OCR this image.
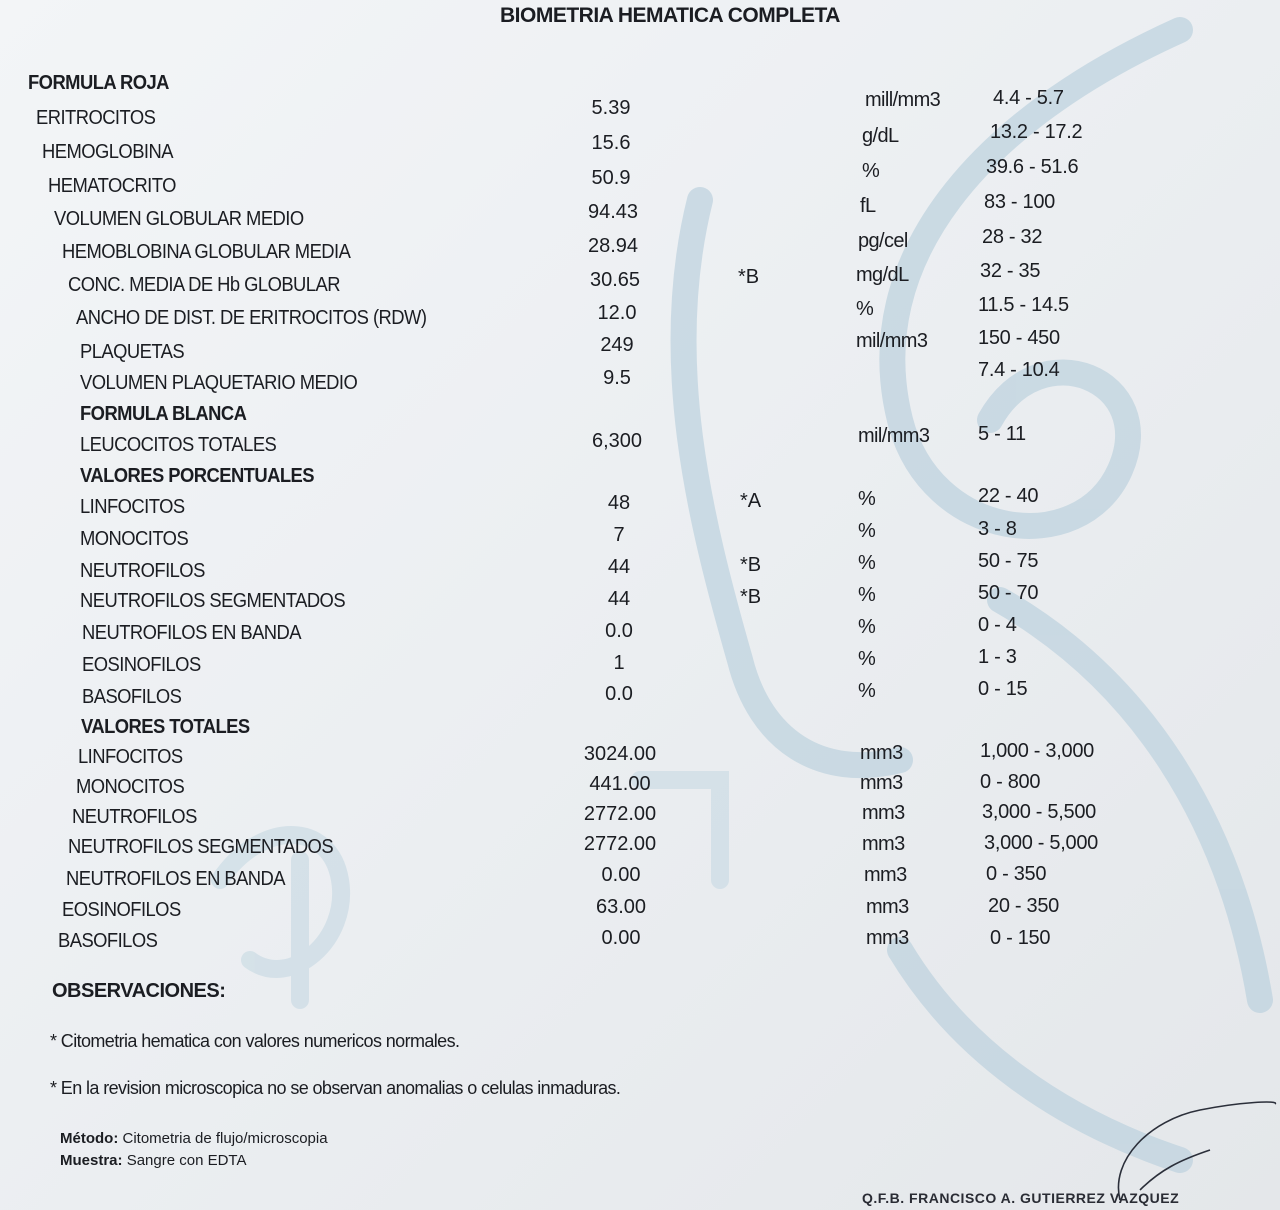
BIOMETRIA HEMATICA COMPLETA
FORMULA ROJA
FORMULA BLANCA
VALORES PORCENTUALES
VALORES TOTALES
ERITROCITOS	5.39	mill/mm3	4.4 - 5.7
HEMOGLOBINA	15.6	g/dL	13.2 - 17.2
HEMATOCRITO	50.9	%	39.6 - 51.6
VOLUMEN GLOBULAR MEDIO	94.43	fL	83 - 100
HEMOBLOBINA GLOBULAR MEDIA	28.94	pg/cel	28 - 32
CONC. MEDIA DE Hb GLOBULAR	30.65	*B	mg/dL	32 - 35
ANCHO DE DIST. DE ERITROCITOS (RDW)	12.0	%	11.5 - 14.5
PLAQUETAS	249	mil/mm3	150 - 450
VOLUMEN PLAQUETARIO MEDIO	9.5	7.4 - 10.4
LEUCOCITOS TOTALES	6,300	mil/mm3 5 - 11
LINFOCITOS	48	*A	%	22 - 40
MONOCITOS	7	%	3 - 8
NEUTROFILOS	44	*B	%	50 - 75
NEUTROFILOS SEGMENTADOS	44	*B	%	50 - 70
NEUTROFILOS EN BANDA	0.0	%	0 - 4
EOSINOFILOS	1	%	1 - 3
BASOFILOS	0.0	%	0 - 15
LINFOCITOS	3024.00	mm3	1,000 - 3,000
MONOCITOS	441.00	mm3	0 - 800
NEUTROFILOS	2772.00	mm3	3,000 - 5,500
NEUTROFILOS SEGMENTADOS	2772.00	mm3	3,000 - 5,000
NEUTROFILOS EN BANDA	0.00	mm3	0 - 350
EOSINOFILOS	63.00	mm3	20 - 350
BASOFILOS	0.00	mm3	0 - 150
OBSERVACIONES:
* Citometria hematica con valores numericos normales.
* En la revision microscopica no se observan anomalias o celulas inmaduras.
Método: Citometria de flujo/microscopia
Muestra: Sangre con EDTA
Q.F.B. FRANCISCO A. GUTIERREZ VAZQUEZ
